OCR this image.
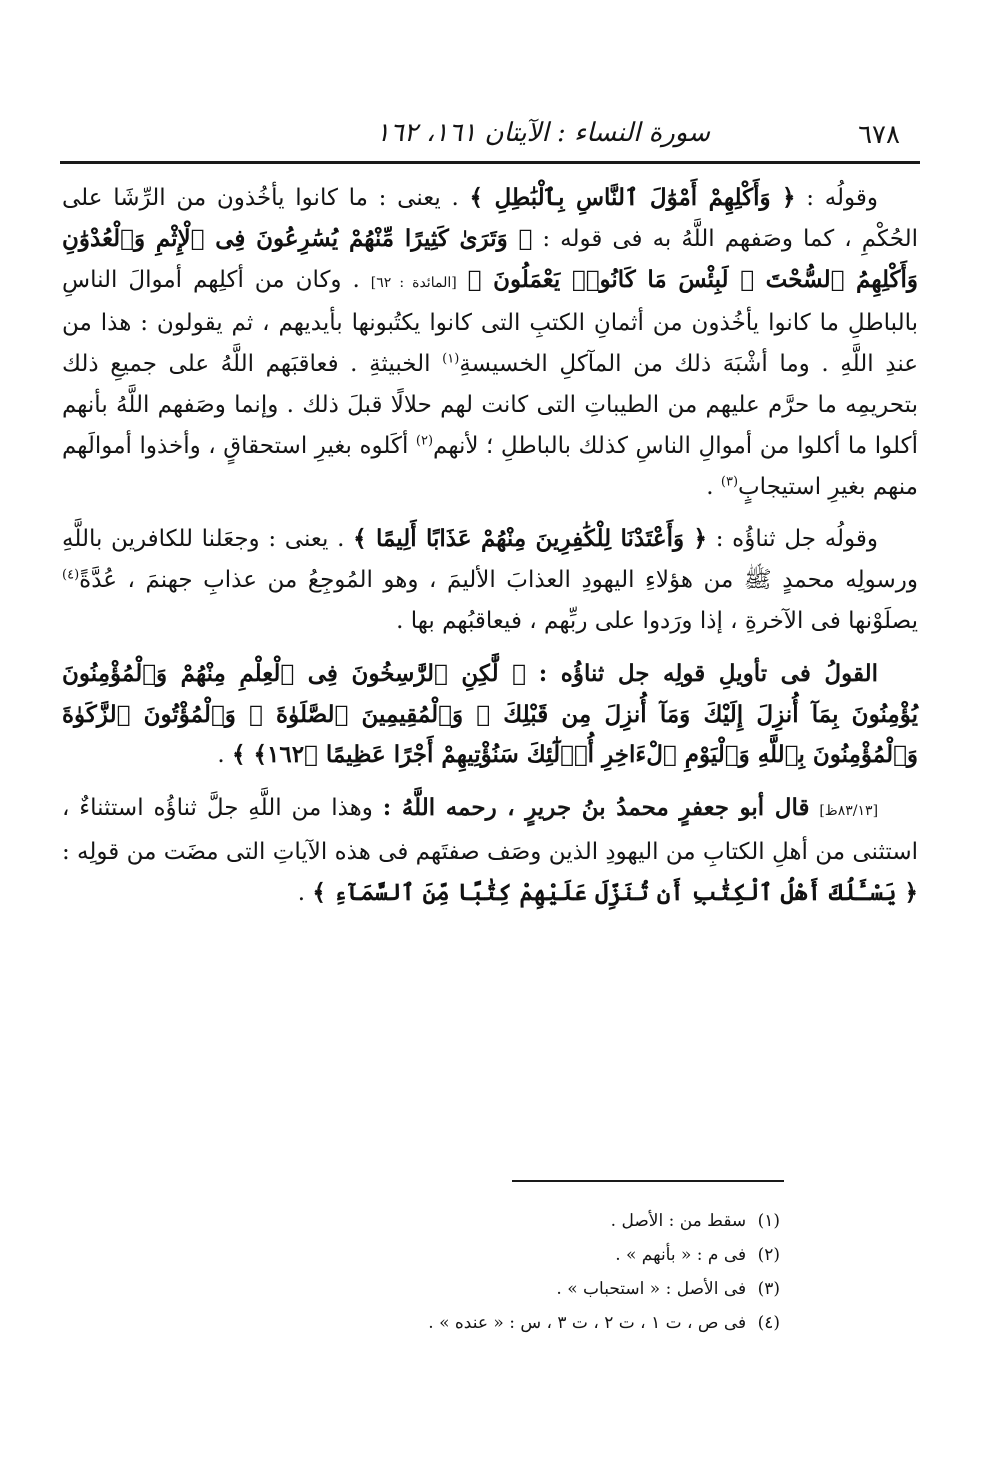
٦٧٨
سورة النساء : الآيتان ١٦١، ١٦٢

وقولُه : ﴿ وَأَكْلِهِمْ أَمْوَٰلَ ٱلنَّاسِ بِٱلْبَٰطِلِ ﴾ . يعنى : ما كانوا يأخُذون من الرِّشَا على الحُكْمِ ، كما وصَفهم اللَّهُ به فى قوله : ﴿ وَتَرَىٰ كَثِيرًا مِّنْهُمْ يُسَٰرِعُونَ فِى ٱلْإِثْمِ وَٱلْعُدْوَٰنِ وَأَكْلِهِمُ ٱلسُّحْتَ ۚ لَبِئْسَ مَا كَانُوا۟ يَعْمَلُونَ ﴾ [المائدة : ٦٢] . وكان من أكلِهم أموالَ الناسِ بالباطلِ ما كانوا يأخُذون من أثمانِ الكتبِ التى كانوا يكتُبونها بأيديهم ، ثم يقولون : هذا من عندِ اللَّهِ . وما أشْبَهَ ذلك من المآكلِ الخسيسةِ$^{(١)}$ الخبيثةِ . فعاقبَهم اللَّهُ على جميعِ ذلك بتحريمِه ما حرَّم عليهم من الطيباتِ التى كانت لهم حلالًا قبلَ ذلك . وإنما وصَفهم اللَّهُ بأنهم أكلوا ما أكلوا من أموالِ الناسِ كذلك بالباطلِ ؛ لأنهم$^{(٢)}$ أكَلوه بغيرِ استحقاقٍ ، وأخذوا أموالَهم منهم بغيرِ استيجابٍ$^{(٣)}$ .

وقولُه جل ثناؤُه : ﴿ وَأَعْتَدْنَا لِلْكَٰفِرِينَ مِنْهُمْ عَذَابًا أَلِيمًا ﴾ . يعنى : وجعَلنا للكافرين باللَّهِ ورسولِه محمدٍ ﷺ من هؤلاءِ اليهودِ العذابَ الأليمَ ، وهو المُوجِعُ من عذابِ جهنمَ ، عُدَّةً$^{(٤)}$ يصلَوْنها فى الآخرةِ ، إذا ورَدوا على ربِّهم ، فيعاقبُهم بها .

القولُ فى تأويلِ قولِه جل ثناؤُه : ﴿ لَّٰكِنِ ٱلرَّٰسِخُونَ فِى ٱلْعِلْمِ مِنْهُمْ وَٱلْمُؤْمِنُونَ يُؤْمِنُونَ بِمَآ أُنزِلَ إِلَيْكَ وَمَآ أُنزِلَ مِن قَبْلِكَ ۚ وَٱلْمُقِيمِينَ ٱلصَّلَوٰةَ ۚ وَٱلْمُؤْتُونَ ٱلزَّكَوٰةَ وَٱلْمُؤْمِنُونَ بِٱللَّهِ وَٱلْيَوْمِ ٱلْءَاخِرِ أُو۟لَٰٓئِكَ سَنُؤْتِيهِمْ أَجْرًا عَظِيمًا ﴿١٦٢﴾ ﴾ .

[٨٣/١٣ظ] قال أبو جعفرٍ محمدُ بنُ جريرٍ ، رحمه اللَّهُ : وهذا من اللَّهِ جلَّ ثناؤُه استثناءٌ ، استثنى من أهلِ الكتابِ من اليهودِ الذين وصَف صفتَهم فى هذه الآياتِ التى مضَت من قولِه : ﴿ يَسْـَٔلُكَ أَهْلُ ٱلْكِتَٰبِ أَن تُنَزِّلَ عَلَيْهِمْ كِتَٰبًا مِّنَ ٱلسَّمَآءِ ﴾ .

(١) سقط من : الأصل .

(٢) فى م : « بأنهم » .

(٣) فى الأصل : « استحباب » .

(٤) فى ص ، ت ١ ، ت ٢ ، ت ٣ ، س : « عنده » .
